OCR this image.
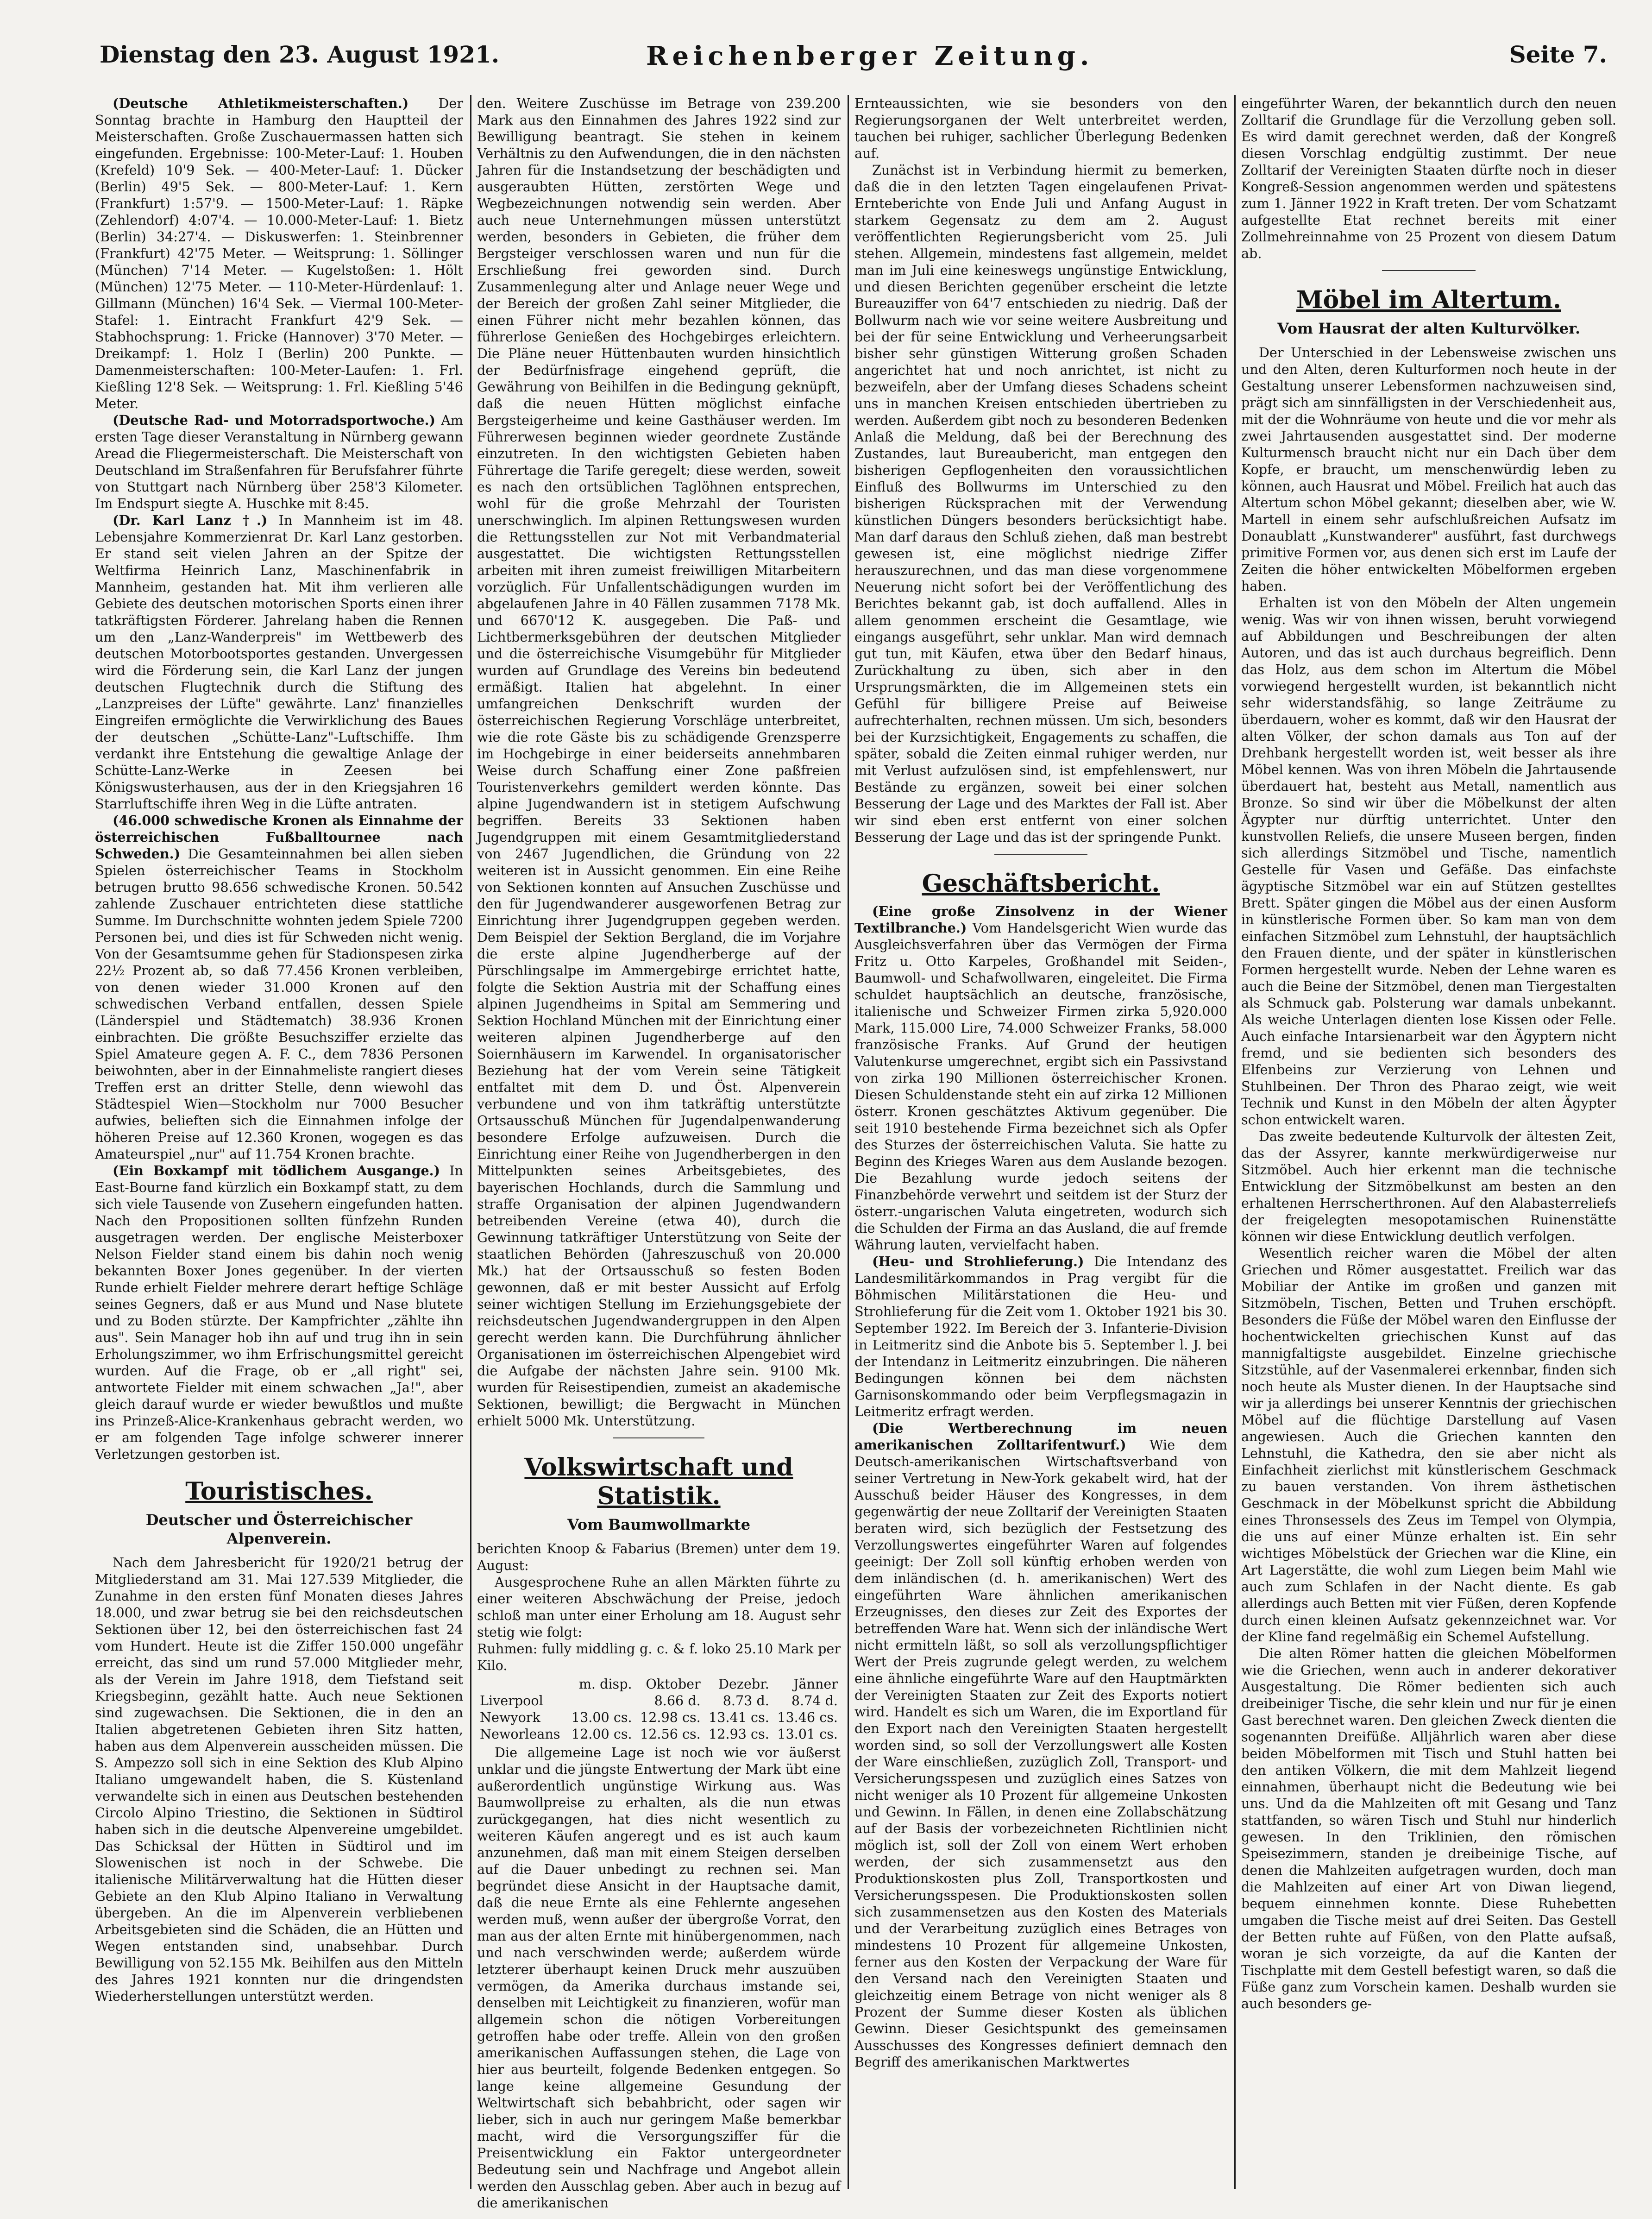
Dienstag den 23. August 1921.	Reichenberger Zeitung.	Seite 7.

(Deutsche Athletikmeisterschaften.) Der Sonntag brachte in Hamburg den Hauptteil der Meisterschaften. Große Zuschauermassen hatten sich eingefunden. Ergebnisse: 100-Meter-Lauf: 1. Houben (Krefeld) 10'9 Sek. — 400-Meter-Lauf: 1. Dücker (Berlin) 49'5 Sek. — 800-Meter-Lauf: 1. Kern (Frankfurt) 1:57'9. — 1500-Meter-Lauf: 1. Räpke (Zehlendorf) 4:07'4. — 10.000-Meter-Lauf: 1. Bietz (Berlin) 34:27'4. — Diskuswerfen: 1. Steinbrenner (Frankfurt) 42'75 Meter. — Weitsprung: 1. Söllinger (München) 7'14 Meter. — Kugelstoßen: 1. Hölt (München) 12'75 Meter. — 110-Meter-Hürdenlauf: 1. Gillmann (München) 16'4 Sek. — Viermal 100-Meter-Stafel: 1. Eintracht Frankfurt 42'9 Sek. — Stabhochsprung: 1. Fricke (Hannover) 3'70 Meter. — Dreikampf: 1. Holz I (Berlin) 200 Punkte. — Damenmeisterschaften: 100-Meter-Laufen: 1. Frl. Kießling 12'8 Sek. — Weitsprung: 1. Frl. Kießling 5'46 Meter.

(Deutsche Rad- und Motorradsportwoche.) Am ersten Tage dieser Veranstaltung in Nürnberg gewann Aread die Fliegermeisterschaft. Die Meisterschaft von Deutschland im Straßenfahren für Berufsfahrer führte von Stuttgart nach Nürnberg über 258'3 Kilometer. Im Endspurt siegte A. Huschke mit 8:45.

(Dr. Karl Lanz †.) In Mannheim ist im 48. Lebensjahre Kommerzienrat Dr. Karl Lanz gestorben. Er stand seit vielen Jahren an der Spitze der Weltfirma Heinrich Lanz, Maschinenfabrik in Mannheim, gestanden hat. Mit ihm verlieren alle Gebiete des deutschen motorischen Sports einen ihrer tatkräftigsten Förderer. Jahrelang haben die Rennen um den „Lanz-Wanderpreis" im Wettbewerb des deutschen Motorbootsportes gestanden. Unvergessen wird die Förderung sein, die Karl Lanz der jungen deutschen Flugtechnik durch die Stiftung des „Lanzpreises der Lüfte" gewährte. Lanz' finanzielles Eingreifen ermöglichte die Verwirklichung des Baues der deutschen „Schütte-Lanz"-Luftschiffe. Ihm verdankt ihre Entstehung die gewaltige Anlage der Schütte-Lanz-Werke in Zeesen bei Königswusterhausen, aus der in den Kriegsjahren 16 Starrluftschiffe ihren Weg in die Lüfte antraten.

(46.000 schwedische Kronen als Einnahme der österreichischen Fußballtournee nach Schweden.) Die Gesamteinnahmen bei allen sieben Spielen österreichischer Teams in Stockholm betrugen brutto 98.656 schwedische Kronen. 50.542 zahlende Zuschauer entrichteten diese stattliche Summe. Im Durchschnitte wohnten jedem Spiele 7200 Personen bei, und dies ist für Schweden nicht wenig. Von der Gesamtsumme gehen für Stadionspesen zirka 22½ Prozent ab, so daß 77.456 Kronen verbleiben, von denen wieder 31.000 Kronen auf den schwedischen Verband entfallen, dessen Spiele (Länderspiel und Städtematch) 38.936 Kronen einbrachten. Die größte Besuchsziffer erzielte das Spiel Amateure gegen A. F. C., dem 7836 Personen beiwohnten, aber in der Einnahmeliste rangiert dieses Treffen erst an dritter Stelle, denn wiewohl das Städtespiel Wien—Stockholm nur 7000 Besucher aufwies, belieften sich die Einnahmen infolge der höheren Preise auf 12.360 Kronen, wogegen es das Amateurspiel „nur" auf 11.754 Kronen brachte.

(Ein Boxkampf mit tödlichem Ausgange.) In East-Bourne fand kürzlich ein Boxkampf statt, zu dem sich viele Tausende von Zusehern eingefunden hatten. Nach den Propositionen sollten fünfzehn Runden ausgetragen werden. Der englische Meisterboxer Nelson Fielder stand einem bis dahin noch wenig bekannten Boxer Jones gegenüber. In der vierten Runde erhielt Fielder mehrere derart heftige Schläge seines Gegners, daß er aus Mund und Nase blutete und zu Boden stürzte. Der Kampfrichter „zählte ihn aus". Sein Manager hob ihn auf und trug ihn in sein Erholungszimmer, wo ihm Erfrischungsmittel gereicht wurden. Auf die Frage, ob er „all right" sei, antwortete Fielder mit einem schwachen „Ja!", aber gleich darauf wurde er wieder bewußtlos und mußte ins Prinzeß-Alice-Krankenhaus gebracht werden, wo er am folgenden Tage infolge schwerer innerer Verletzungen gestorben ist.

Touristisches.
Deutscher und Österreichischer Alpenverein.

Nach dem Jahresbericht für 1920/21 betrug der Mitgliederstand am 31. Mai 127.539 Mitglieder, die Zunahme in den ersten fünf Monaten dieses Jahres 18.000, und zwar betrug sie bei den reichsdeutschen Sektionen über 12, bei den österreichischen fast 24 vom Hundert. Heute ist die Ziffer 150.000 ungefähr erreicht, das sind um rund 57.000 Mitglieder mehr, als der Verein im Jahre 1918, dem Tiefstand seit Kriegsbeginn, gezählt hatte. Auch neue Sektionen sind zugewachsen. Die Sektionen, die in den an Italien abgetretenen Gebieten ihren Sitz hatten, haben aus dem Alpenverein ausscheiden müssen. Die S. Ampezzo soll sich in eine Sektion des Klub Alpino Italiano umgewandelt haben, die S. Küstenland verwandelte sich in einen aus Deutschen bestehenden Circolo Alpino Triestino, die Sektionen in Südtirol haben sich in die deutsche Alpenvereine umgebildet. Das Schicksal der Hütten in Südtirol und im Slowenischen ist noch in der Schwebe. Die italienische Militärverwaltung hat die Hütten dieser Gebiete an den Klub Alpino Italiano in Verwaltung übergeben. An die im Alpenverein verbliebenen Arbeitsgebieten sind die Schäden, die an Hütten und Wegen entstanden sind, unabsehbar. Durch Bewilligung von 52.155 Mk. Beihilfen aus den Mitteln des Jahres 1921 konnten nur die dringendsten Wiederherstellungen unterstützt werden.

den. Weitere Zuschüsse im Betrage von 239.200 Mark aus den Einnahmen des Jahres 1922 sind zur Bewilligung beantragt. Sie stehen in keinem Verhältnis zu den Aufwendungen, die in den nächsten Jahren für die Instandsetzung der beschädigten und ausgeraubten Hütten, zerstörten Wege und Wegbezeichnungen notwendig sein werden. Aber auch neue Unternehmungen müssen unterstützt werden, besonders in Gebieten, die früher dem Bergsteiger verschlossen waren und nun für die Erschließung frei geworden sind. Durch Zusammenlegung alter und Anlage neuer Wege und der Bereich der großen Zahl seiner Mitglieder, die einen Führer nicht mehr bezahlen können, das führerlose Genießen des Hochgebirges erleichtern. Die Pläne neuer Hüttenbauten wurden hinsichtlich der Bedürfnisfrage eingehend geprüft, die Gewährung von Beihilfen in die Bedingung geknüpft, daß die neuen Hütten möglichst einfache Bergsteigerheime und keine Gasthäuser werden. Im Führerwesen beginnen wieder geordnete Zustände einzutreten. In den wichtigsten Gebieten haben Führertage die Tarife geregelt; diese werden, soweit es nach den ortsüblichen Taglöhnen entsprechen, wohl für die große Mehrzahl der Touristen unerschwinglich. Im alpinen Rettungswesen wurden die Rettungsstellen zur Not mit Verbandmaterial ausgestattet. Die wichtigsten Rettungsstellen arbeiten mit ihren zumeist freiwilligen Mitarbeitern vorzüglich. Für Unfallentschädigungen wurden im abgelaufenen Jahre in 40 Fällen zusammen 7178 Mk. und 6670'12 K. ausgegeben. Die Paß- und Lichtbermerksgebühren der deutschen Mitglieder und die österreichische Visumgebühr für Mitglieder wurden auf Grundlage des Vereins bin bedeutend ermäßigt. Italien hat abgelehnt. In einer umfangreichen Denkschrift wurden der österreichischen Regierung Vorschläge unterbreitet, wie die rote Gäste bis zu schädigende Grenzsperre im Hochgebirge in einer beiderseits annehmbaren Weise durch Schaffung einer Zone paßfreien Touristenverkehrs gemildert werden könnte. Das alpine Jugendwandern ist in stetigem Aufschwung begriffen. Bereits 33 Sektionen haben Jugendgruppen mit einem Gesamtmitgliederstand von 2467 Jugendlichen, die Gründung von 22 weiteren ist in Aussicht genommen. Ein eine Reihe von Sektionen konnten auf Ansuchen Zuschüsse und den für Jugendwanderer ausgeworfenen Betrag zur Einrichtung ihrer Jugendgruppen gegeben werden. Dem Beispiel der Sektion Bergland, die im Vorjahre die erste alpine Jugendherberge auf der Pürschlingsalpe im Ammergebirge errichtet hatte, folgte die Sektion Austria mit der Schaffung eines alpinen Jugendheims in Spital am Semmering und Sektion Hochland München mit der Einrichtung einer weiteren alpinen Jugendherberge auf den Soiernhäusern im Karwendel. In organisatorischer Beziehung hat der vom Verein seine Tätigkeit entfaltet mit dem D. und Öst. Alpenverein verbundene und von ihm tatkräftig unterstützte Ortsausschuß München für Jugendalpenwanderung besondere Erfolge aufzuweisen. Durch die Einrichtung einer Reihe von Jugendherbergen in den Mittelpunkten seines Arbeitsgebietes, des bayerischen Hochlands, durch die Sammlung und straffe Organisation der alpinen Jugendwandern betreibenden Vereine (etwa 40), durch die Gewinnung tatkräftiger Unterstützung von Seite der staatlichen Behörden (Jahreszuschuß von 20.000 Mk.) hat der Ortsausschuß so festen Boden gewonnen, daß er mit bester Aussicht auf Erfolg seiner wichtigen Stellung im Erziehungsgebiete der reichsdeutschen Jugendwandergruppen in den Alpen gerecht werden kann. Die Durchführung ähnlicher Organisationen im österreichischen Alpengebiet wird die Aufgabe der nächsten Jahre sein. 9100 Mk. wurden für Reisestipendien, zumeist an akademische Sektionen, bewilligt; die Bergwacht in München erhielt 5000 Mk. Unterstützung.

Volkswirtschaft und Statistik.
Vom Baumwollmarkte

berichten Knoop & Fabarius (Bremen) unter dem 19. August:

Ausgesprochene Ruhe an allen Märkten führte zu einer weiteren Abschwächung der Preise, jedoch schloß man unter einer Erholung am 18. August sehr stetig wie folgt:

Ruhmen: fully middling g. c. & f. loko 25.10 Mark per Kilo.

	m. disp.	Oktober	Dezebr.	Jänner
Liverpool		8.66 d.	8.73 d.	8.74 d.
Newyork	13.00 cs.	12.98 cs.	13.41 cs.	13.46 cs.
Neworleans	12.00 cs.	12.56 cs.	12.93 cs.	13.01 cs.

Die allgemeine Lage ist noch wie vor äußerst unklar und die jüngste Entwertung der Mark übt eine außerordentlich ungünstige Wirkung aus. Was Baumwollpreise zu erhalten, als die nun etwas zurückgegangen, hat dies nicht wesentlich zu weiteren Käufen angeregt und es ist auch kaum anzunehmen, daß man mit einem Steigen derselben auf die Dauer unbedingt zu rechnen sei. Man begründet diese Ansicht in der Hauptsache damit, daß die neue Ernte als eine Fehlernte angesehen werden muß, wenn außer der übergroße Vorrat, den man aus der alten Ernte mit hinübergenommen, nach und nach verschwinden werde; außerdem würde letzterer überhaupt keinen Druck mehr auszuüben vermögen, da Amerika durchaus imstande sei, denselben mit Leichtigkeit zu finanzieren, wofür man allgemein schon die nötigen Vorbereitungen getroffen habe oder treffe. Allein von den großen amerikanischen Auffassungen stehen, die Lage von hier aus beurteilt, folgende Bedenken entgegen. So lange keine allgemeine Gesundung der Weltwirtschaft sich bebahbricht, oder sagen wir lieber, sich in auch nur geringem Maße bemerkbar macht, wird die Versorgungsziffer für die Preisentwicklung ein Faktor untergeordneter Bedeutung sein und Nachfrage und Angebot allein werden den Ausschlag geben. Aber auch in bezug auf die amerikanischen

Ernteaussichten, wie sie besonders von den Regierungsorganen der Welt unterbreitet werden, tauchen bei ruhiger, sachlicher Überlegung Bedenken auf.

Zunächst ist in Verbindung hiermit zu bemerken, daß die in den letzten Tagen eingelaufenen Privat-Ernteberichte von Ende Juli und Anfang August in starkem Gegensatz zu dem am 2. August veröffentlichten Regierungsbericht vom 25. Juli stehen. Allgemein, mindestens fast allgemein, meldet man im Juli eine keineswegs ungünstige Entwicklung, und diesen Berichten gegenüber erscheint die letzte Bureauziffer von 64'7 entschieden zu niedrig. Daß der Bollwurm nach wie vor seine weitere Ausbreitung und bei der für seine Entwicklung und Verheerungsarbeit bisher sehr günstigen Witterung großen Schaden angerichtet hat und noch anrichtet, ist nicht zu bezweifeln, aber der Umfang dieses Schadens scheint uns in manchen Kreisen entschieden übertrieben zu werden. Außerdem gibt noch zu besonderen Bedenken Anlaß die Meldung, daß bei der Berechnung des Zustandes, laut Bureaubericht, man entgegen den bisherigen Gepflogenheiten den voraussichtlichen Einfluß des Bollwurms im Unterschied zu den bisherigen Rücksprachen mit der Verwendung künstlichen Düngers besonders berücksichtigt habe. Man darf daraus den Schluß ziehen, daß man bestrebt gewesen ist, eine möglichst niedrige Ziffer herauszurechnen, und das man diese vorgenommene Neuerung nicht sofort bei der Veröffentlichung des Berichtes bekannt gab, ist doch auffallend. Alles in allem genommen erscheint die Gesamtlage, wie eingangs ausgeführt, sehr unklar. Man wird demnach gut tun, mit Käufen, etwa über den Bedarf hinaus, Zurückhaltung zu üben, sich aber in den Ursprungsmärkten, die im Allgemeinen stets ein Gefühl für billigere Preise auf Beiweise aufrechterhalten, rechnen müssen. Um sich, besonders bei der Kurzsichtigkeit, Engagements zu schaffen, die später, sobald die Zeiten einmal ruhiger werden, nur mit Verlust aufzulösen sind, ist empfehlenswert, nur Bestände zu ergänzen, soweit bei einer solchen Besserung der Lage und des Marktes der Fall ist. Aber wir sind eben erst entfernt von einer solchen Besserung der Lage und das ist der springende Punkt.

Geschäftsbericht.

(Eine große Zinsolvenz in der Wiener Textilbranche.) Vom Handelsgericht Wien wurde das Ausgleichsverfahren über das Vermögen der Firma Fritz u. Otto Karpeles, Großhandel mit Seiden-, Baumwoll- und Schafwollwaren, eingeleitet. Die Firma schuldet hauptsächlich an deutsche, französische, italienische und Schweizer Firmen zirka 5,920.000 Mark, 115.000 Lire, 74.000 Schweizer Franks, 58.000 französische Franks. Auf Grund der heutigen Valutenkurse umgerechnet, ergibt sich ein Passivstand von zirka 190 Millionen österreichischer Kronen. Diesen Schuldenstande steht ein auf zirka 12 Millionen österr. Kronen geschätztes Aktivum gegenüber. Die seit 1910 bestehende Firma bezeichnet sich als Opfer des Sturzes der österreichischen Valuta. Sie hatte zu Beginn des Krieges Waren aus dem Auslande bezogen. Die Bezahlung wurde jedoch seitens der Finanzbehörde verwehrt und seitdem ist der Sturz der österr.-ungarischen Valuta eingetreten, wodurch sich die Schulden der Firma an das Ausland, die auf fremde Währung lauten, vervielfacht haben.

(Heu- und Strohlieferung.) Die Intendanz des Landesmilitärkommandos in Prag vergibt für die Böhmischen Militärstationen die Heu- und Strohlieferung für die Zeit vom 1. Oktober 1921 bis 30. September 1922. Im Bereich der 3. Infanterie-Division in Leitmeritz sind die Anbote bis 5. September l. J. bei der Intendanz in Leitmeritz einzubringen. Die näheren Bedingungen können bei dem nächsten Garnisonskommando oder beim Verpflegsmagazin in Leitmeritz erfragt werden.

(Die Wertberechnung im neuen amerikanischen Zolltarifentwurf.) Wie dem Deutsch-amerikanischen Wirtschaftsverband von seiner Vertretung in New-York gekabelt wird, hat der Ausschuß beider Häuser des Kongresses, in dem gegenwärtig der neue Zolltarif der Vereinigten Staaten beraten wird, sich bezüglich der Festsetzung des Verzollungswertes eingeführter Waren auf folgendes geeinigt: Der Zoll soll künftig erhoben werden von dem inländischen (d. h. amerikanischen) Wert des eingeführten Ware ähnlichen amerikanischen Erzeugnisses, den dieses zur Zeit des Exportes der betreffenden Ware hat. Wenn sich der inländische Wert nicht ermitteln läßt, so soll als verzollungspflichtiger Wert der Preis zugrunde gelegt werden, zu welchem eine ähnliche eingeführte Ware auf den Hauptmärkten der Vereinigten Staaten zur Zeit des Exports notiert wird. Handelt es sich um Waren, die im Exportland für den Export nach den Vereinigten Staaten hergestellt worden sind, so soll der Verzollungswert alle Kosten der Ware einschließen, zuzüglich Zoll, Transport- und Versicherungsspesen und zuzüglich eines Satzes von nicht weniger als 10 Prozent für allgemeine Unkosten und Gewinn. In Fällen, in denen eine Zollabschätzung auf der Basis der vorbezeichneten Richtlinien nicht möglich ist, soll der Zoll von einem Wert erhoben werden, der sich zusammensetzt aus den Produktionskosten plus Zoll, Transportkosten und Versicherungsspesen. Die Produktionskosten sollen sich zusammensetzen aus den Kosten des Materials und der Verarbeitung zuzüglich eines Betrages von mindestens 10 Prozent für allgemeine Unkosten, ferner aus den Kosten der Verpackung der Ware für den Versand nach den Vereinigten Staaten und gleichzeitig einem Betrage von nicht weniger als 8 Prozent der Summe dieser Kosten als üblichen Gewinn. Dieser Gesichtspunkt des gemeinsamen Ausschusses des Kongresses definiert demnach den Begriff des amerikanischen Marktwertes

eingeführter Waren, der bekanntlich durch den neuen Zolltarif die Grundlage für die Verzollung geben soll. Es wird damit gerechnet werden, daß der Kongreß diesen Vorschlag endgültig zustimmt. Der neue Zolltarif der Vereinigten Staaten dürfte noch in dieser Kongreß-Session angenommen werden und spätestens zum 1. Jänner 1922 in Kraft treten. Der vom Schatzamt aufgestellte Etat rechnet bereits mit einer Zollmehreinnahme von 25 Prozent von diesem Datum ab.

Möbel im Altertum.
Vom Hausrat der alten Kulturvölker.

Der Unterschied in der Lebensweise zwischen uns und den Alten, deren Kulturformen noch heute in der Gestaltung unserer Lebensformen nachzuweisen sind, prägt sich am sinnfälligsten in der Verschiedenheit aus, mit der die Wohnräume von heute und die vor mehr als zwei Jahrtausenden ausgestattet sind. Der moderne Kulturmensch braucht nicht nur ein Dach über dem Kopfe, er braucht, um menschenwürdig leben zu können, auch Hausrat und Möbel. Freilich hat auch das Altertum schon Möbel gekannt; dieselben aber, wie W. Martell in einem sehr aufschlußreichen Aufsatz im Donaublatt „Kunstwanderer" ausführt, fast durchwegs primitive Formen vor, aus denen sich erst im Laufe der Zeiten die höher entwickelten Möbelformen ergeben haben.

Erhalten ist von den Möbeln der Alten ungemein wenig. Was wir von ihnen wissen, beruht vorwiegend auf Abbildungen und Beschreibungen der alten Autoren, und das ist auch durchaus begreiflich. Denn das Holz, aus dem schon im Altertum die Möbel vorwiegend hergestellt wurden, ist bekanntlich nicht sehr widerstandsfähig, so lange Zeiträume zu überdauern, woher es kommt, daß wir den Hausrat der alten Völker, der schon damals aus Ton auf der Drehbank hergestellt worden ist, weit besser als ihre Möbel kennen. Was von ihren Möbeln die Jahrtausende überdauert hat, besteht aus Metall, namentlich aus Bronze. So sind wir über die Möbelkunst der alten Ägypter nur dürftig unterrichtet. Unter den kunstvollen Reliefs, die unsere Museen bergen, finden sich allerdings Sitzmöbel und Tische, namentlich Gestelle für Vasen und Gefäße. Das einfachste ägyptische Sitzmöbel war ein auf Stützen gestelltes Brett. Später gingen die Möbel aus der einen Ausform in künstlerische Formen über. So kam man von dem einfachen Sitzmöbel zum Lehnstuhl, der hauptsächlich den Frauen diente, und der später in künstlerischen Formen hergestellt wurde. Neben der Lehne waren es auch die Beine der Sitzmöbel, denen man Tiergestalten als Schmuck gab. Polsterung war damals unbekannt. Als weiche Unterlagen dienten lose Kissen oder Felle. Auch einfache Intarsienarbeit war den Ägyptern nicht fremd, und sie bedienten sich besonders des Elfenbeins zur Verzierung von Lehnen und Stuhlbeinen. Der Thron des Pharao zeigt, wie weit Technik und Kunst in den Möbeln der alten Ägypter schon entwickelt waren.

Das zweite bedeutende Kulturvolk der ältesten Zeit, das der Assyrer, kannte merkwürdigerweise nur Sitzmöbel. Auch hier erkennt man die technische Entwicklung der Sitzmöbelkunst am besten an den erhaltenen Herrscherthronen. Auf den Alabasterreliefs der freigelegten mesopotamischen Ruinenstätte können wir diese Entwicklung deutlich verfolgen.

Wesentlich reicher waren die Möbel der alten Griechen und Römer ausgestattet. Freilich war das Mobiliar der Antike im großen und ganzen mit Sitzmöbeln, Tischen, Betten und Truhen erschöpft. Besonders die Füße der Möbel waren den Einflusse der hochentwickelten griechischen Kunst auf das mannigfaltigste ausgebildet. Einzelne griechische Sitzstühle, auf der Vasenmalerei erkennbar, finden sich noch heute als Muster dienen. In der Hauptsache sind wir ja allerdings bei unserer Kenntnis der griechischen Möbel auf die flüchtige Darstellung auf Vasen angewiesen. Auch die Griechen kannten den Lehnstuhl, die Kathedra, den sie aber nicht als Einfachheit zierlichst mit künstlerischem Geschmack zu bauen verstanden. Von ihrem ästhetischen Geschmack in der Möbelkunst spricht die Abbildung eines Thronsessels des Zeus im Tempel von Olympia, die uns auf einer Münze erhalten ist. Ein sehr wichtiges Möbelstück der Griechen war die Kline, ein Art Lagerstätte, die wohl zum Liegen beim Mahl wie auch zum Schlafen in der Nacht diente. Es gab allerdings auch Betten mit vier Füßen, deren Kopfende durch einen kleinen Aufsatz gekennzeichnet war. Vor der Kline fand regelmäßig ein Schemel Aufstellung.

Die alten Römer hatten die gleichen Möbelformen wie die Griechen, wenn auch in anderer dekorativer Ausgestaltung. Die Römer bedienten sich auch dreibeiniger Tische, die sehr klein und nur für je einen Gast berechnet waren. Den gleichen Zweck dienten die sogenannten Dreifüße. Alljährlich waren aber diese beiden Möbelformen mit Tisch und Stuhl hatten bei den antiken Völkern, die mit dem Mahlzeit liegend einnahmen, überhaupt nicht die Bedeutung wie bei uns. Und da die Mahlzeiten oft mit Gesang und Tanz stattfanden, so wären Tisch und Stuhl nur hinderlich gewesen. In den Triklinien, den römischen Speisezimmern, standen je dreibeinige Tische, auf denen die Mahlzeiten aufgetragen wurden, doch man die Mahlzeiten auf einer Art von Diwan liegend, bequem einnehmen konnte. Diese Ruhebetten umgaben die Tische meist auf drei Seiten. Das Gestell der Betten ruhte auf Füßen, von den Platte aufsaß, woran je sich vorzeigte, da auf die Kanten der Tischplatte mit dem Gestell befestigt waren, so daß die Füße ganz zum Vorschein kamen. Deshalb wurden sie auch besonders ge-
